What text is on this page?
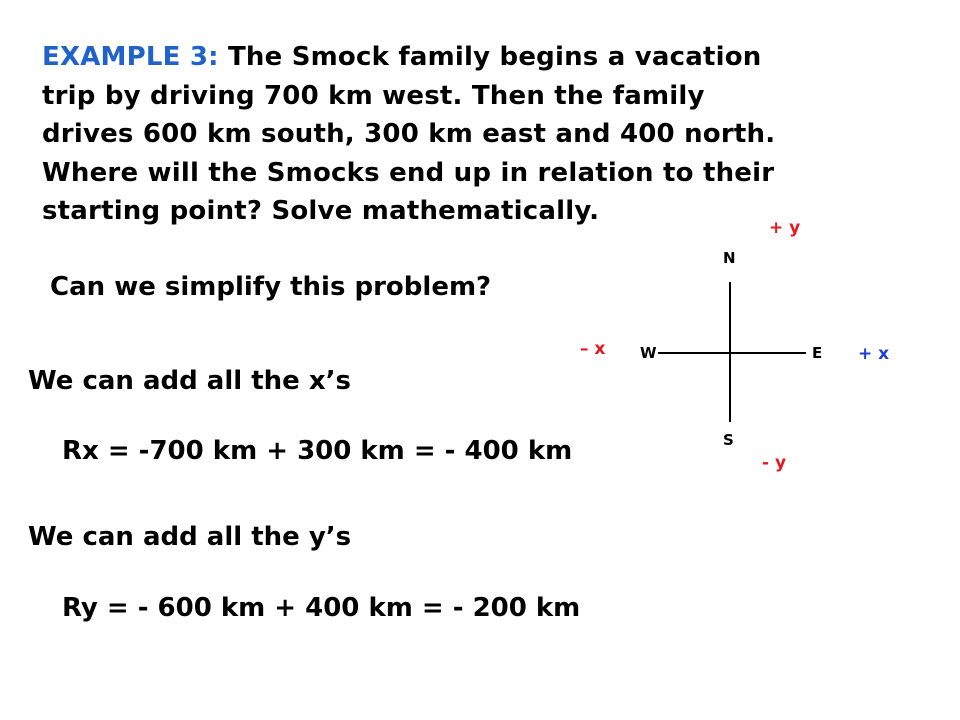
EXAMPLE 3: The Smock family begins a vacation
trip by driving 700 km west. Then the family
drives 600 km south, 300 km east and 400 north.
Where will the Smocks end up in relation to their
starting point? Solve mathematically.
Can we simplify this problem?
We can add all the x’s
Rx = -700 km + 300 km = - 400 km
We can add all the y’s
Ry = - 600 km + 400 km = - 200 km
N
S
E
W
+ y
- y
+ x
– x
